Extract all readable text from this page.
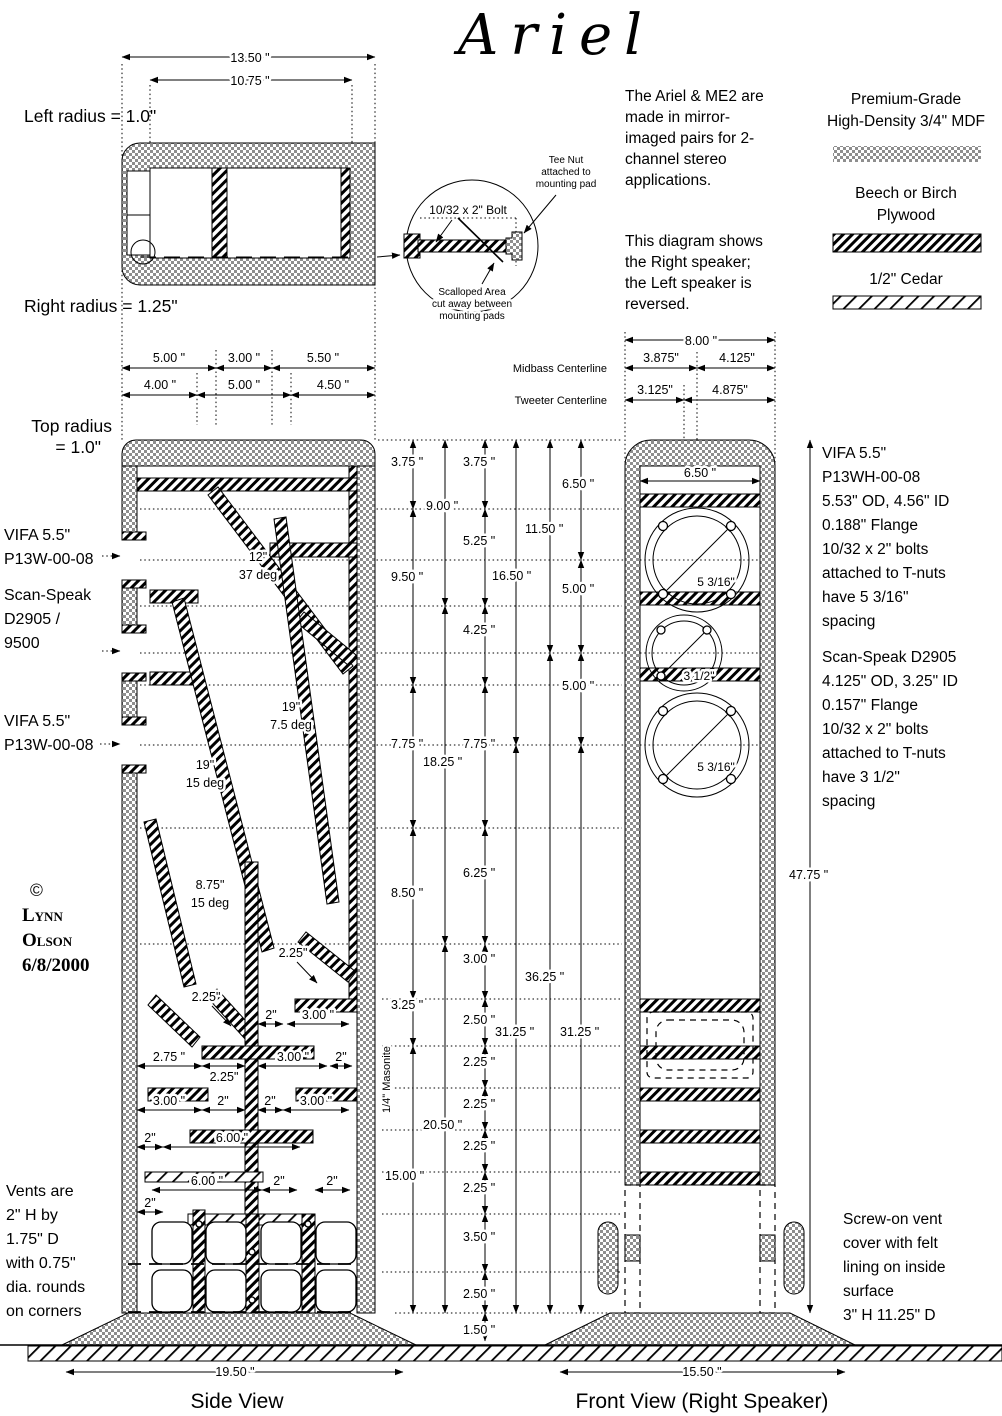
Ariel
13.50 "
10.75 "
Left radius = 1.0"
Right radius = 1.25"
10/32 x 2" Bolt
Tee Nut
attached to
mounting pad
Scalloped Area
cut away between
mounting pads
The Ariel & ME2 are
made in mirror-
imaged pairs for 2-
channel stereo
applications.
This diagram shows
the Right speaker;
the Left speaker is
reversed.
Premium-Grade
High-Density 3/4" MDF
Beech or Birch
Plywood
1/2" Cedar
8.00 "
3.875"	4.125"
3.125"	4.875"
Midbass Centerline
Tweeter Centerline
5.00 "	3.00 "	5.50 "
4.00 "	5.00 "	4.50 "
Top radius
= 1.0"
3.75 "
9.50 "
7.75 "
8.50 "
3.25 "
15.00 "
9.00 "
18.25 "
20.50 "
3.75 "
5.25 "
4.25 "
7.75 "
6.25 "
3.00 "
2.50 "
2.25 "
2.25 "
2.25 "
2.25 "
3.50 "
2.50 "
1.50 "
16.50 "
31.25 "
11.50 "
36.25 "
6.50 "
5.00 "
5.00 "
31.25 "
47.75 "
1/4" Masonite
12"
37 deg
19"
7.5 deg
19"
15 deg
8.75"
15 deg
2.25"
2.25"
2" 3.00 "
2.75 "
2.25"
3.00 " 2"
3.00 "	2"	2" 3.00 "
2"	6.00 "
6.00 "	2"	2"
2"
6.50 "
5 3/16"
3 1/2"
5 3/16"
VIFA 5.5"
P13W-00-08
Scan-Speak
D2905 /
9500
VIFA 5.5"
P13W-00-08
©
Lynn
Olson
6/8/2000
Vents are
2" H by
1.75" D
with 0.75"
dia. rounds
on corners
VIFA 5.5"
P13WH-00-08
5.53" OD, 4.56" ID
0.188" Flange
10/32 x 2" bolts
attached to T-nuts
have 5 3/16"
spacing
Scan-Speak D2905
4.125" OD, 3.25" ID
0.157" Flange
10/32 x 2" bolts
attached to T-nuts
have 3 1/2"
spacing
Screw-on vent
cover with felt
lining on inside
surface
3" H 11.25" D
19.50 "
Side View
15.50 "
Front View (Right Speaker)
